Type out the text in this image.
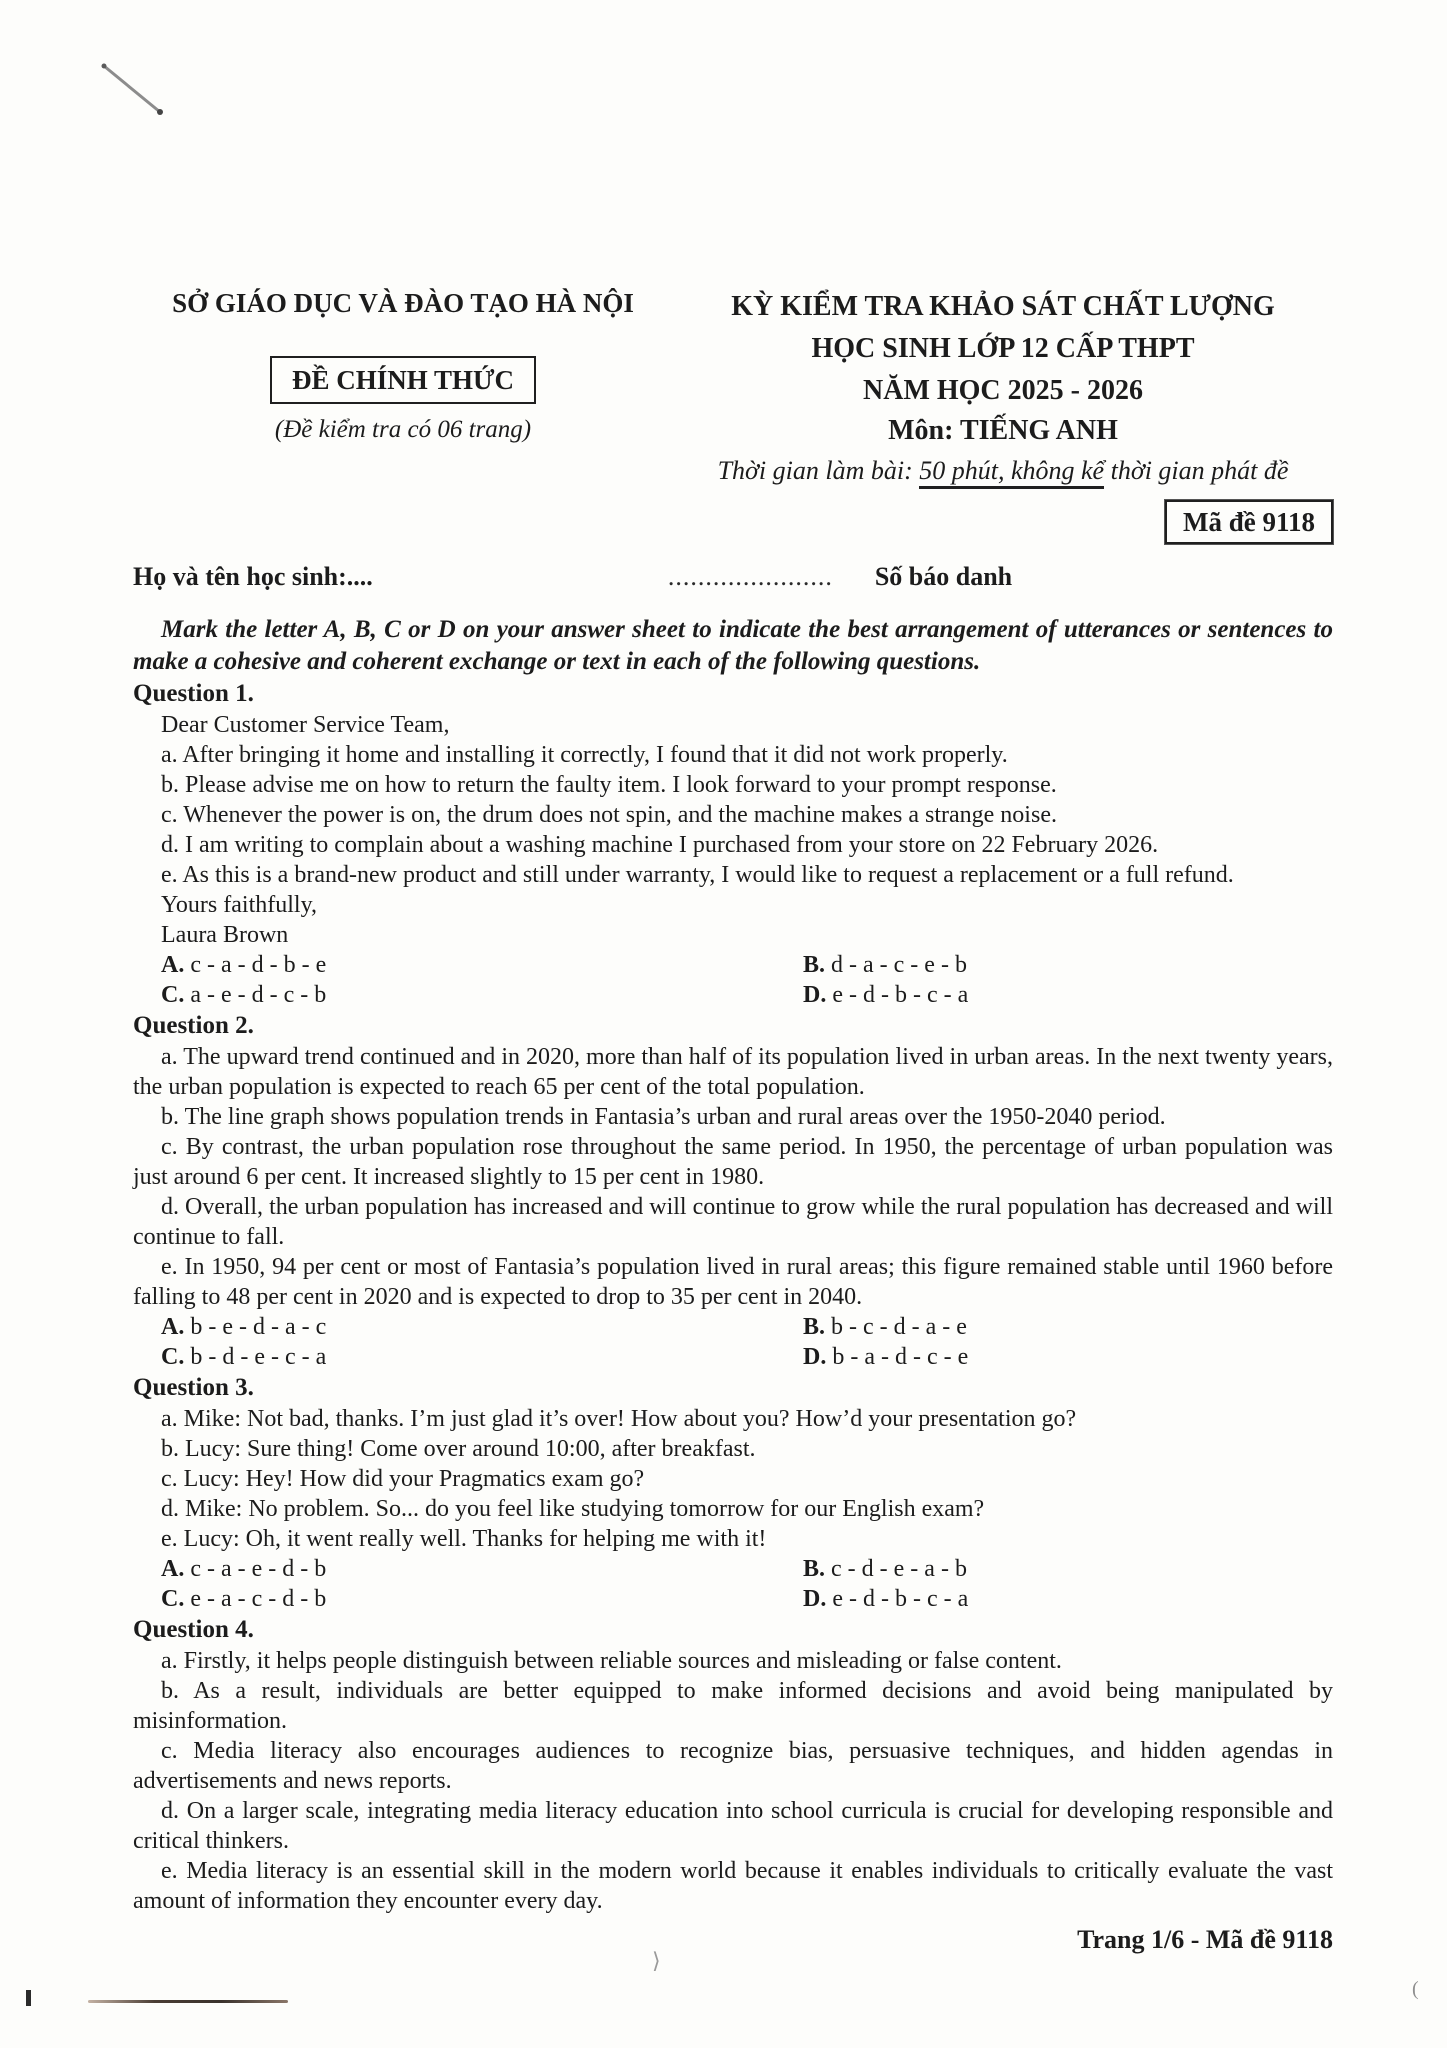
SỞ GIÁO DỤC VÀ ĐÀO TẠO HÀ NỘI
ĐỀ CHÍNH THỨC
(Đề kiểm tra có 06 trang)
KỲ KIỂM TRA KHẢO SÁT CHẤT LƯỢNG
HỌC SINH LỚP 12 CẤP THPT
NĂM HỌC 2025 - 2026
Môn: TIẾNG ANH
Thời gian làm bài: 50 phút, không kể thời gian phát đề
Mã đề 9118
Họ và tên học sinh:....	...................... Số báo danh

Mark the letter A, B, C or D on your answer sheet to indicate the best arrangement of utterances or sentences to make a cohesive and coherent exchange or text in each of the following questions.

Question 1.

Dear Customer Service Team,

a. After bringing it home and installing it correctly, I found that it did not work properly.

b. Please advise me on how to return the faulty item. I look forward to your prompt response.

c. Whenever the power is on, the drum does not spin, and the machine makes a strange noise.

d. I am writing to complain about a washing machine I purchased from your store on 22 February 2026.

e. As this is a brand-new product and still under warranty, I would like to request a replacement or a full refund.

Yours faithfully,

Laura Brown

A. c - a - d - b - e	B. d - a - c - e - b
C. a - e - d - c - b	D. e - d - b - c - a
Question 2.

a. The upward trend continued and in 2020, more than half of its population lived in urban areas. In the next twenty years, the urban population is expected to reach 65 per cent of the total population.

b. The line graph shows population trends in Fantasia’s urban and rural areas over the 1950-2040 period.

c. By contrast, the urban population rose throughout the same period. In 1950, the percentage of urban population was just around 6 per cent. It increased slightly to 15 per cent in 1980.

d. Overall, the urban population has increased and will continue to grow while the rural population has decreased and will continue to fall.

e. In 1950, 94 per cent or most of Fantasia’s population lived in rural areas; this figure remained stable until 1960 before falling to 48 per cent in 2020 and is expected to drop to 35 per cent in 2040.

A. b - e - d - a - c	B. b - c - d - a - e
C. b - d - e - c - a	D. b - a - d - c - e
Question 3.

a. Mike: Not bad, thanks. I’m just glad it’s over! How about you? How’d your presentation go?

b. Lucy: Sure thing! Come over around 10:00, after breakfast.

c. Lucy: Hey! How did your Pragmatics exam go?

d. Mike: No problem. So... do you feel like studying tomorrow for our English exam?

e. Lucy: Oh, it went really well. Thanks for helping me with it!

A. c - a - e - d - b	B. c - d - e - a - b
C. e - a - c - d - b	D. e - d - b - c - a
Question 4.

a. Firstly, it helps people distinguish between reliable sources and misleading or false content.

b. As a result, individuals are better equipped to make informed decisions and avoid being manipulated by misinformation.

c. Media literacy also encourages audiences to recognize bias, persuasive techniques, and hidden agendas in advertisements and news reports.

d. On a larger scale, integrating media literacy education into school curricula is crucial for developing responsible and critical thinkers.

e. Media literacy is an essential skill in the modern world because it enables individuals to critically evaluate the vast amount of information they encounter every day.

Trang 1/6 - Mã đề 9118
⟩
(
